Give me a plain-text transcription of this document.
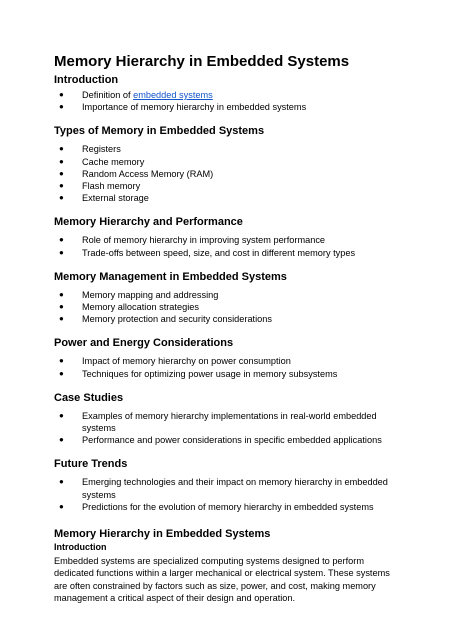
Memory Hierarchy in Embedded Systems
Introduction
● Definition of embedded systems
● Importance of memory hierarchy in embedded systems
Types of Memory in Embedded Systems
● Registers
● Cache memory
● Random Access Memory (RAM)
● Flash memory
● External storage
Memory Hierarchy and Performance
● Role of memory hierarchy in improving system performance
● Trade-offs between speed, size, and cost in different memory types
Memory Management in Embedded Systems
● Memory mapping and addressing
● Memory allocation strategies
● Memory protection and security considerations
Power and Energy Considerations
● Impact of memory hierarchy on power consumption
● Techniques for optimizing power usage in memory subsystems
Case Studies
● Examples of memory hierarchy implementations in real-world embedded systems
● Performance and power considerations in specific embedded applications
Future Trends
● Emerging technologies and their impact on memory hierarchy in embedded systems
● Predictions for the evolution of memory hierarchy in embedded systems
Memory Hierarchy in Embedded Systems
Introduction

Embedded systems are specialized computing systems designed to perform dedicated functions within a larger mechanical or electrical system. These systems are often constrained by factors such as size, power, and cost, making memory management a critical aspect of their design and operation.
